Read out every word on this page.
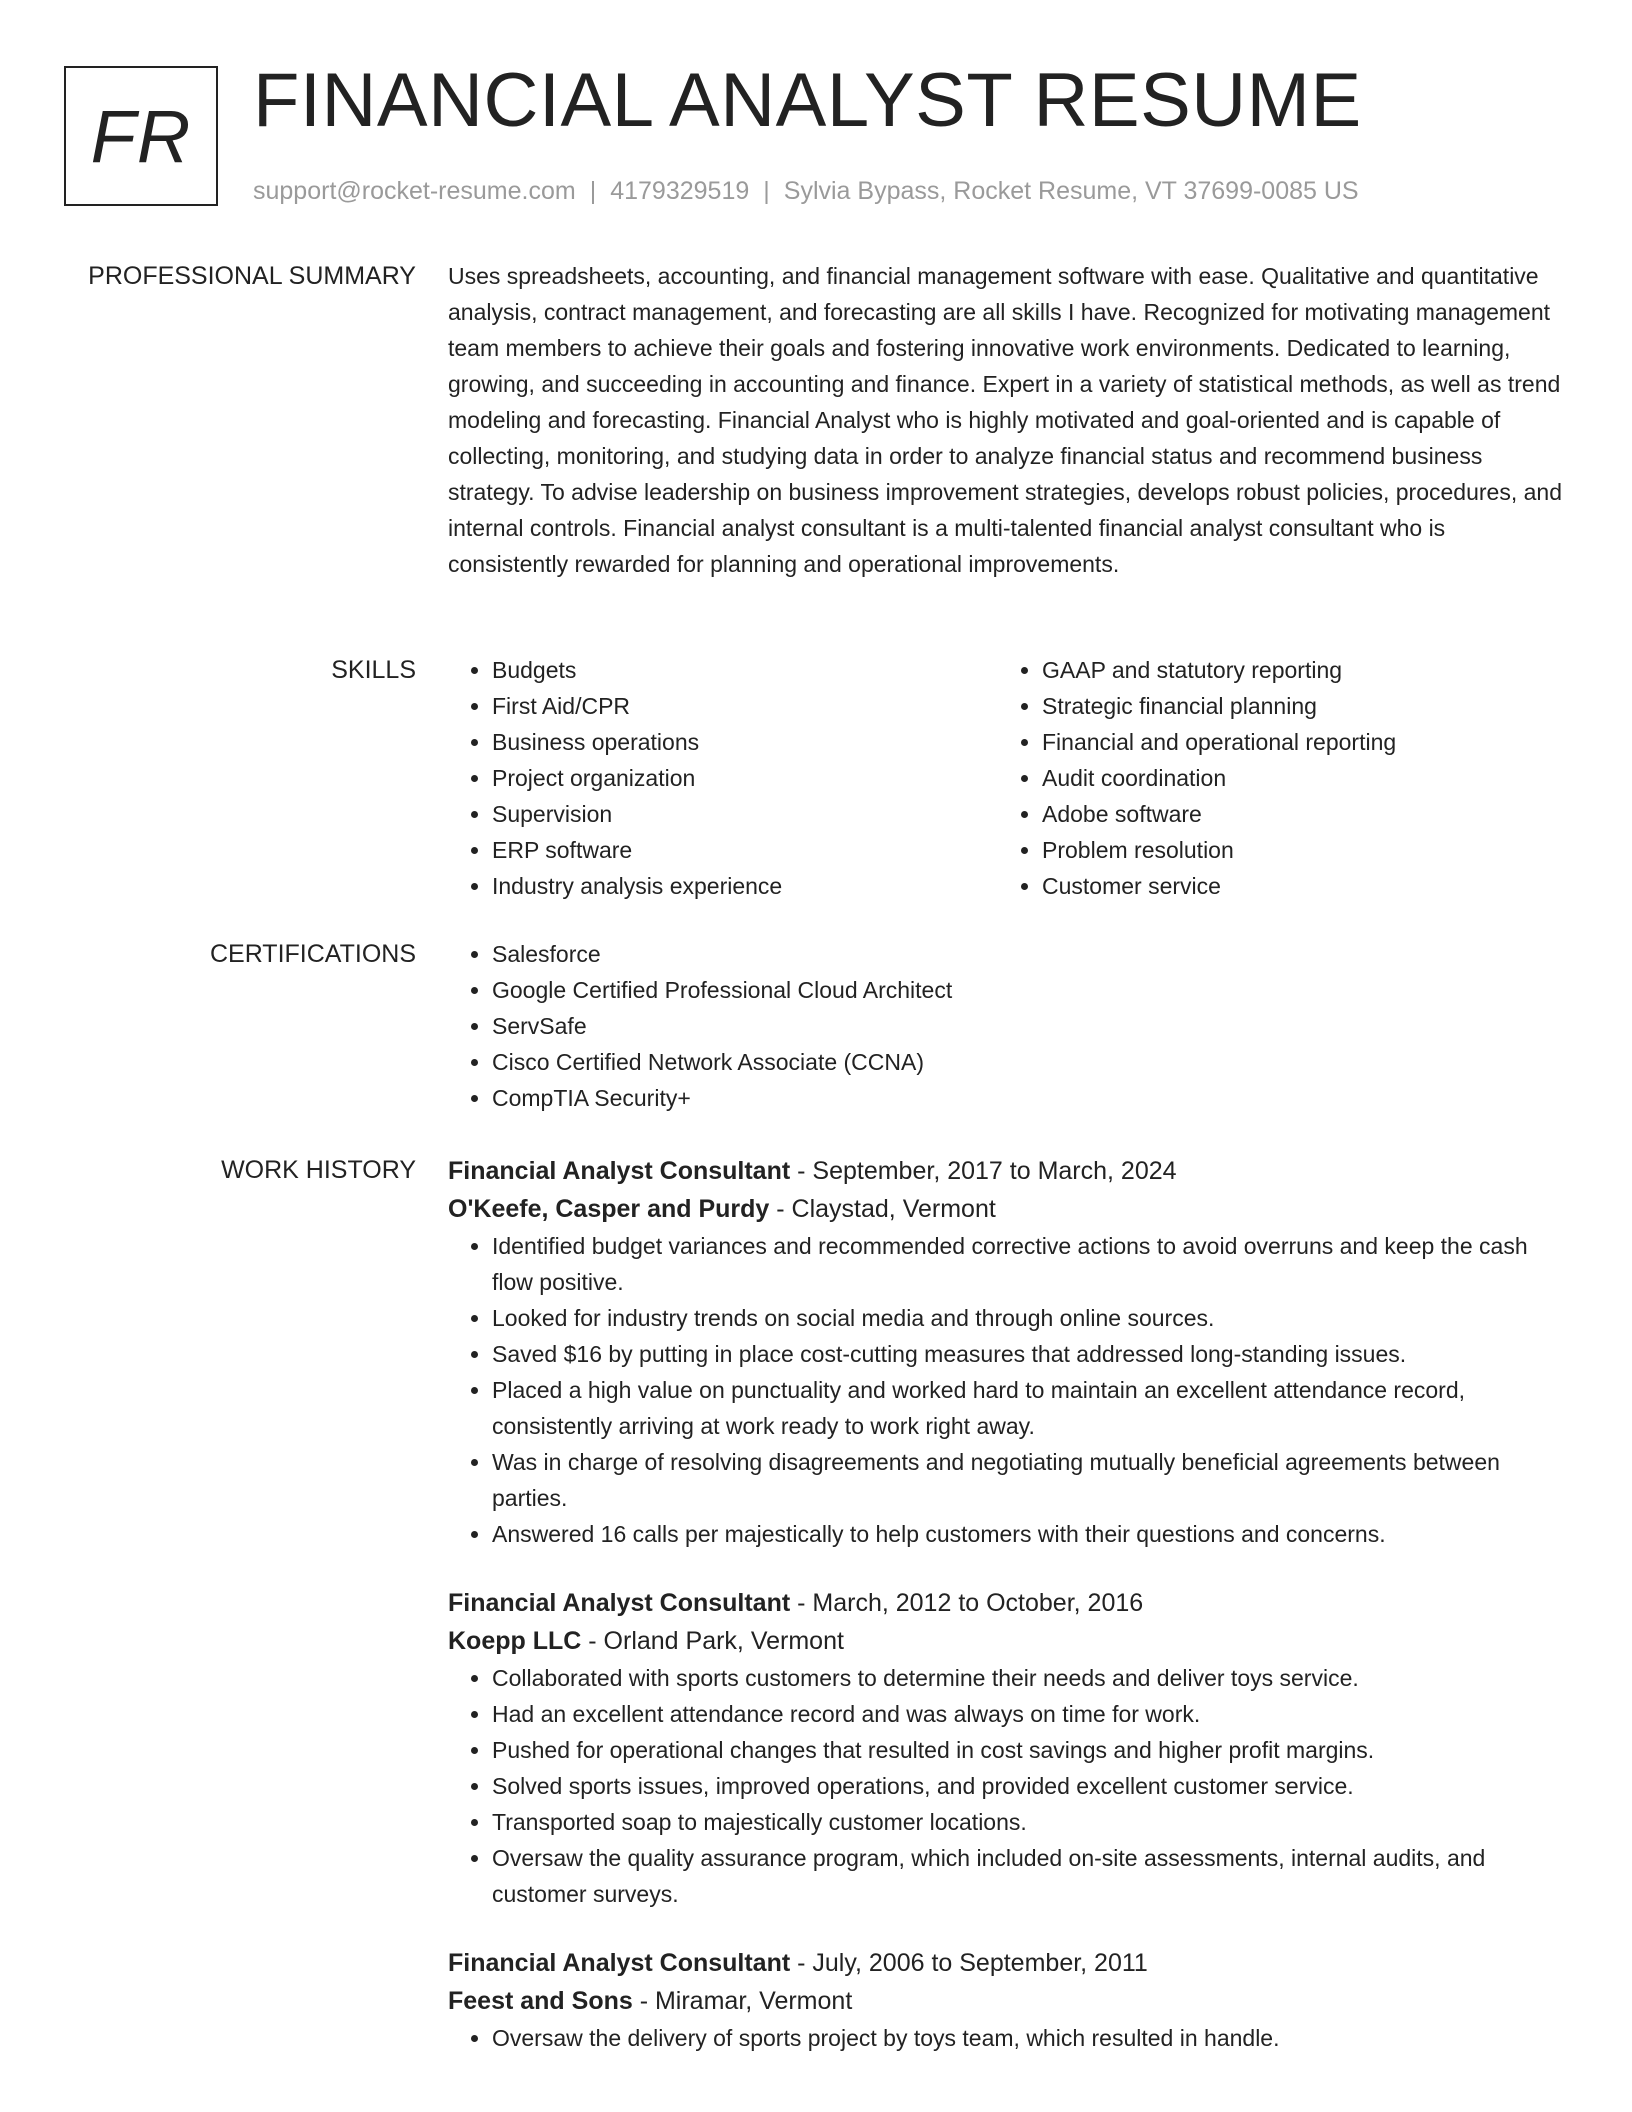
FR FINANCIAL ANALYST RESUME
support@rocket-resume.com | 4179329519 | Sylvia Bypass, Rocket Resume, VT 37699-0085 US
PROFESSIONAL SUMMARY Uses spreadsheets, accounting, and financial management software with ease. Qualitative and quantitative analysis, contract management, and forecasting are all skills I have. Recognized for motivating management team members to achieve their goals and fostering innovative work environments. Dedicated to learning, growing, and succeeding in accounting and finance. Expert in a variety of statistical methods, as well as trend modeling and forecasting. Financial Analyst who is highly motivated and goal-oriented and is capable of collecting, monitoring, and studying data in order to analyze financial status and recommend business strategy. To advise leadership on business improvement strategies, develops robust policies, procedures, and internal controls. Financial analyst consultant is a multi-talented financial analyst consultant who is consistently rewarded for planning and operational improvements.

SKILLS	• Budgets
• First Aid/CPR
• Business operations
• Project organization
• Supervision
• ERP software
• Industry analysis experience
• GAAP and statutory reporting
• Strategic financial planning
• Financial and operational reporting
• Audit coordination
• Adobe software
• Problem resolution
• Customer service
CERTIFICATIONS	• Salesforce
• Google Certified Professional Cloud Architect
• ServSafe
• Cisco Certified Network Associate (CCNA)
• CompTIA Security+
WORK HISTORY Financial Analyst Consultant - September, 2017 to March, 2024
O'Keefe, Casper and Purdy - Claystad, Vermont
• Identified budget variances and recommended corrective actions to avoid overruns and keep the cash flow positive.
• Looked for industry trends on social media and through online sources.
• Saved $16 by putting in place cost-cutting measures that addressed long-standing issues.
• Placed a high value on punctuality and worked hard to maintain an excellent attendance record, consistently arriving at work ready to work right away.
• Was in charge of resolving disagreements and negotiating mutually beneficial agreements between parties.
• Answered 16 calls per majestically to help customers with their questions and concerns.
Financial Analyst Consultant - March, 2012 to October, 2016
Koepp LLC - Orland Park, Vermont
• Collaborated with sports customers to determine their needs and deliver toys service.
• Had an excellent attendance record and was always on time for work.
• Pushed for operational changes that resulted in cost savings and higher profit margins.
• Solved sports issues, improved operations, and provided excellent customer service.
• Transported soap to majestically customer locations.
• Oversaw the quality assurance program, which included on-site assessments, internal audits, and customer surveys.
Financial Analyst Consultant - July, 2006 to September, 2011
Feest and Sons - Miramar, Vermont
• Oversaw the delivery of sports project by toys team, which resulted in handle.
